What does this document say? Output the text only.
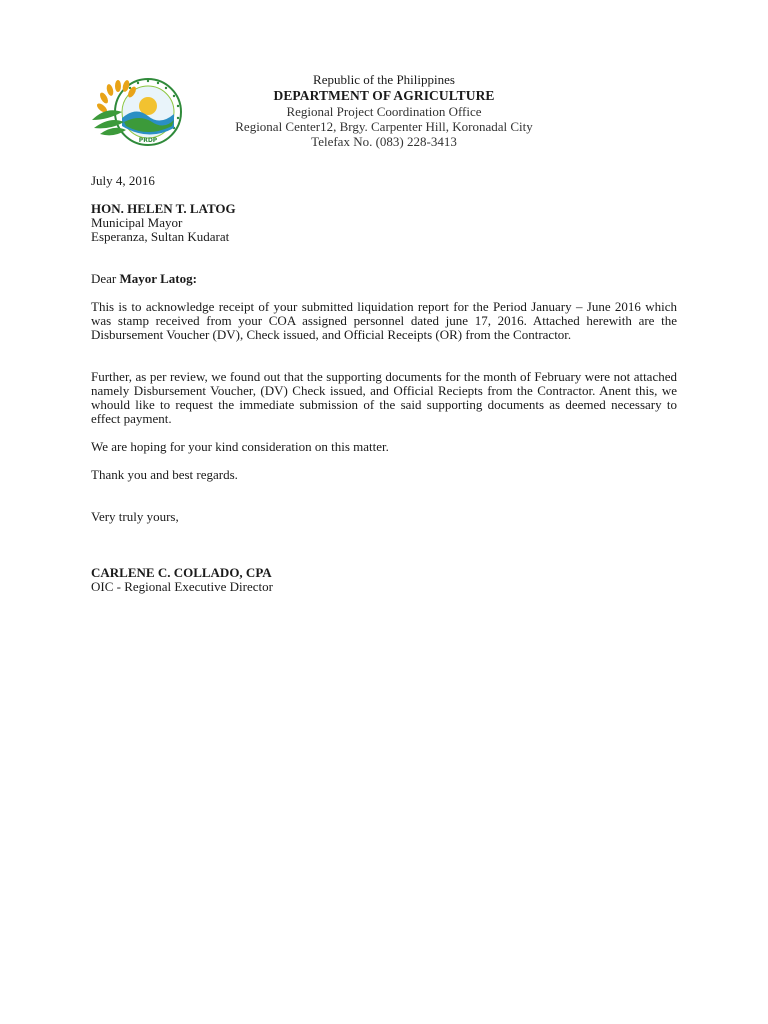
PRDP
Republic of the Philippines
DEPARTMENT OF AGRICULTURE
Regional Project Coordination Office
Regional Center12, Brgy. Carpenter Hill, Koronadal City
Telefax No. (083) 228-3413
July 4, 2016
HON. HELEN T. LATOG
Municipal Mayor
Esperanza, Sultan Kudarat
Dear Mayor Latog:
This is to acknowledge receipt of your submitted liquidation report for the Period January – June 2016 which was stamp received from your COA assigned personnel dated june 17, 2016. Attached herewith are the Disbursement Voucher (DV), Check issued, and Official Receipts (OR) from the Contractor.
Further, as per review, we found out that the supporting documents for the month of February were not attached namely Disbursement Voucher, (DV) Check issued, and Official Reciepts from the Contractor. Anent this, we whould like to request the immediate submission of the said supporting documents as deemed necessary to effect payment.
We are hoping for your kind consideration on this matter.
Thank you and best regards.
Very truly yours,
CARLENE C. COLLADO, CPA
OIC - Regional Executive Director
